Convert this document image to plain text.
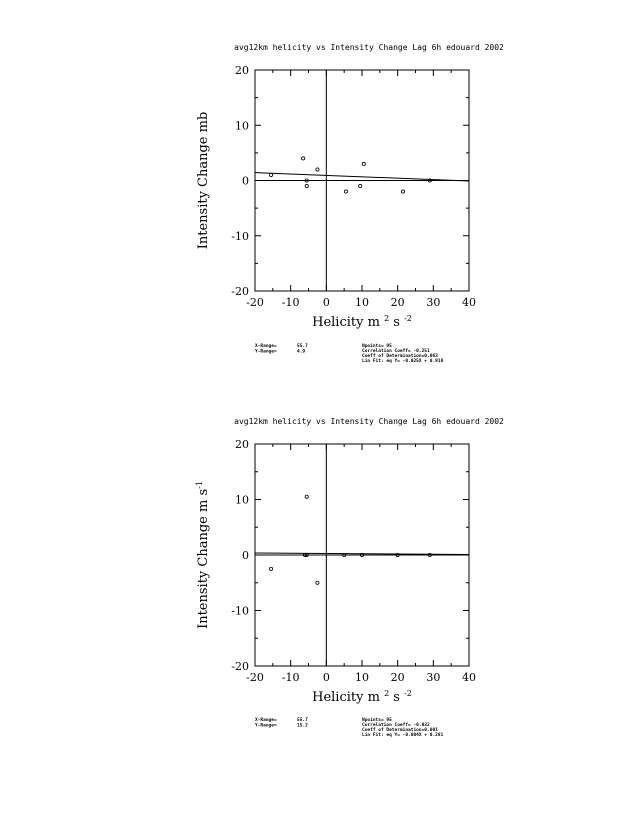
avg12km helicity vs Intensity Change Lag 6h edouard 2002
-20 -10 0 10 20 30 40
-20
-10
0
10
20
Helicity m $^2$ s $^{-2}$
Intensity Change mb
X-Range=	55.7
Y-Range=	4.9
Npoints= 95
Correlation Coeff= -0.251
Coeff of Determination=0.063
Lin Fit: eq Y= -0.025X + 0.918
avg12km helicity vs Intensity Change Lag 6h edouard 2002
-20 -10 0 10 20 30 40
-20
-10
0
10
20
Helicity m $^2$ s $^{-2}$
Intensity Change m $s^{-1}$
X-Range=	55.7
Y-Range=	15.2
Npoints= 95
Correlation Coeff= -0.032
Coeff of Determination=0.001
Lin Fit: eq Y= -0.004X + 0.281
